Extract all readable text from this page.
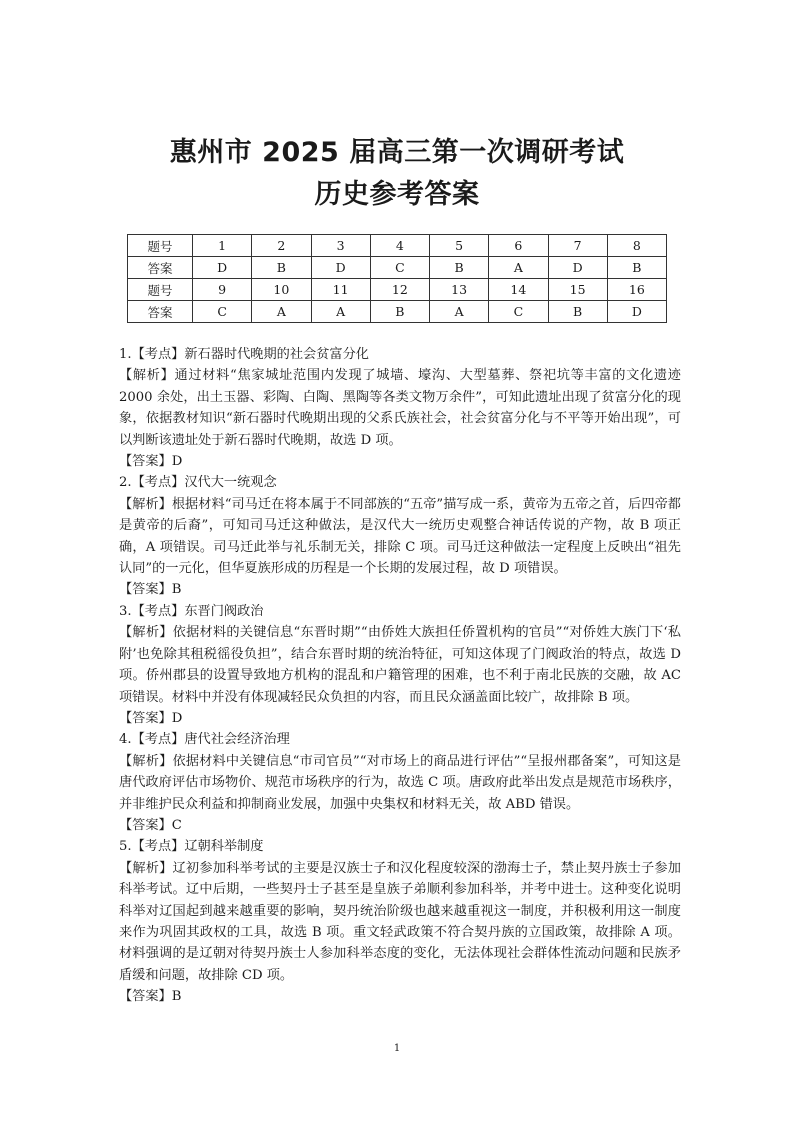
惠州市 2025 届高三第一次调研考试
历史参考答案
题号	1	2	3	4	5	6	7	8
答案	D	B	D	C	B	A	D	B
题号	9	10	11	12	13	14	15	16
答案	C	A	A	B	A	C	B	D

1.【考点】新石器时代晚期的社会贫富分化

【解析】通过材料“焦家城址范围内发现了城墙、壕沟、大型墓葬、祭祀坑等丰富的文化遗迹 2000 余处，出土玉器、彩陶、白陶、黑陶等各类文物万余件”，可知此遗址出现了贫富分化的现象，依据教材知识“新石器时代晚期出现的父系氏族社会，社会贫富分化与不平等开始出现”，可以判断该遗址处于新石器时代晚期，故选 D 项。

【答案】D

2.【考点】汉代大一统观念

【解析】根据材料“司马迁在将本属于不同部族的“五帝”描写成一系，黄帝为五帝之首，后四帝都是黄帝的后裔”，可知司马迁这种做法，是汉代大一统历史观整合神话传说的产物，故 B 项正确，A 项错误。司马迁此举与礼乐制无关，排除 C 项。司马迁这种做法一定程度上反映出“祖先认同”的一元化，但华夏族形成的历程是一个长期的发展过程，故 D 项错误。

【答案】B

3.【考点】东晋门阀政治

【解析】依据材料的关键信息“东晋时期”“由侨姓大族担任侨置机构的官员”“对侨姓大族门下‘私附’也免除其租税徭役负担”，结合东晋时期的统治特征，可知这体现了门阀政治的特点，故选 D 项。侨州郡县的设置导致地方机构的混乱和户籍管理的困难，也不利于南北民族的交融，故 AC 项错误。材料中并没有体现减轻民众负担的内容，而且民众涵盖面比较广，故排除 B 项。

【答案】D

4.【考点】唐代社会经济治理

【解析】依据材料中关键信息“市司官员”“对市场上的商品进行评估”“呈报州郡备案”，可知这是唐代政府评估市场物价、规范市场秩序的行为，故选 C 项。唐政府此举出发点是规范市场秩序，并非维护民众利益和抑制商业发展，加强中央集权和材料无关，故 ABD 错误。

【答案】C

5.【考点】辽朝科举制度

【解析】辽初参加科举考试的主要是汉族士子和汉化程度较深的渤海士子，禁止契丹族士子参加科举考试。辽中后期，一些契丹士子甚至是皇族子弟顺利参加科举，并考中进士。这种变化说明科举对辽国起到越来越重要的影响，契丹统治阶级也越来越重视这一制度，并积极利用这一制度来作为巩固其政权的工具，故选 B 项。重文轻武政策不符合契丹族的立国政策，故排除 A 项。材料强调的是辽朝对待契丹族士人参加科举态度的变化，无法体现社会群体性流动问题和民族矛盾缓和问题，故排除 CD 项。

【答案】B

1
